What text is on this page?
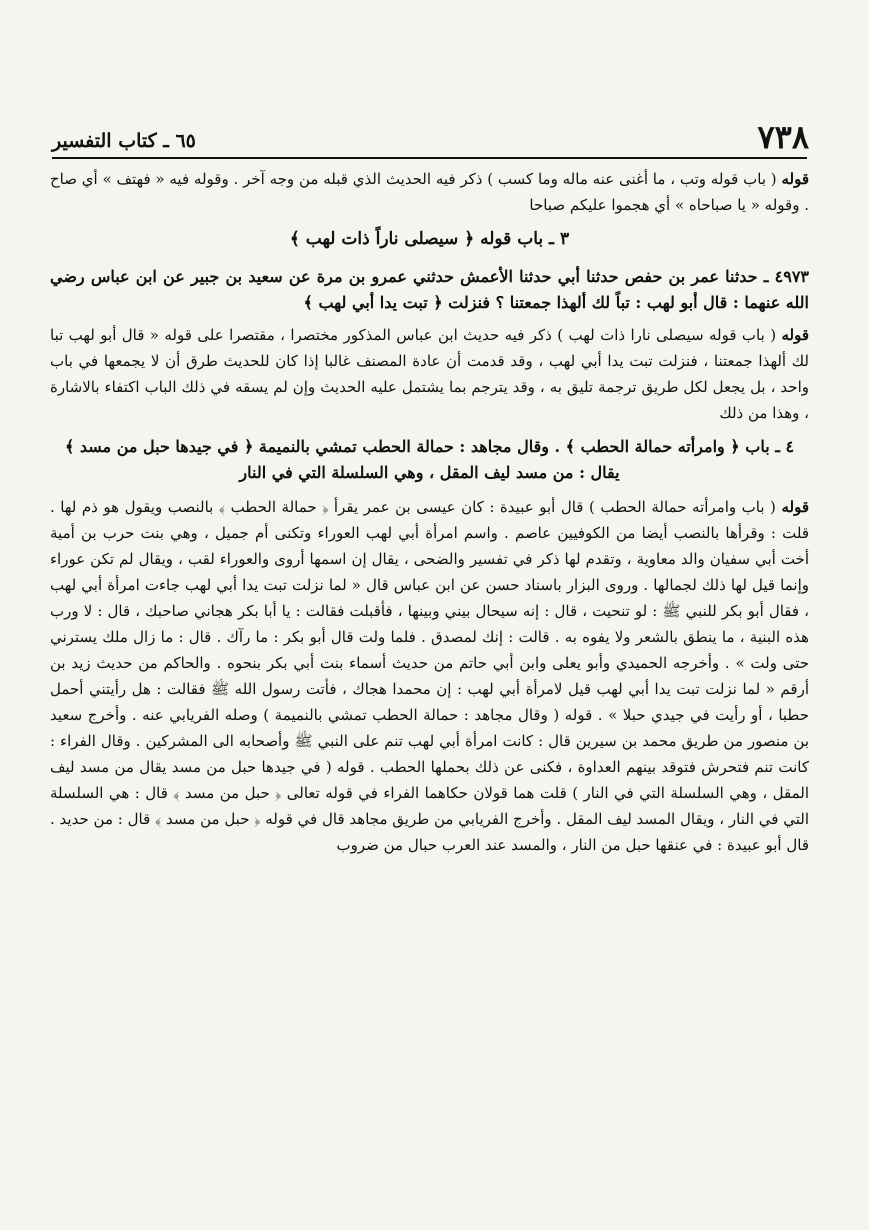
٧٣٨
٦٥ ـ كتاب التفسير

قوله ( باب قوله وتب ، ما أغنى عنه ماله وما كسب ) ذكر فيه الحديث الذي قبله من وجه آخر . وقوله فيه « فهتف » أي صاح . وقوله « يا صباحاه » أي هجموا عليكم صباحا

٣ ـ باب قوله ﴿ سيصلى ناراً ذات لهب ﴾

٤٩٧٣ ـ حدثنا عمر بن حفص حدثنا أبي حدثنا الأعمش حدثني عمرو بن مرة عن سعيد بن جبير عن ابن عباس رضي الله عنهما : قال أبو لهب : تباً لك ألهذا جمعتنا ؟ فنزلت ﴿ تبت يدا أبي لهب ﴾

قوله ( باب قوله سيصلى نارا ذات لهب ) ذكر فيه حديث ابن عباس المذكور مختصرا ، مقتصرا على قوله « قال أبو لهب تبا لك ألهذا جمعتنا ، فنزلت تبت يدا أبي لهب ، وقد قدمت أن عادة المصنف غالبا إذا كان للحديث طرق أن لا يجمعها في باب واحد ، بل يجعل لكل طريق ترجمة تليق به ، وقد يترجم بما يشتمل عليه الحديث وإن لم يسقه في ذلك الباب اكتفاء بالاشارة ، وهذا من ذلك

٤ ـ باب ﴿ وامرأته حمالة الحطب ﴾ . وقال مجاهد : حمالة الحطب تمشي بالنميمة ﴿ في جيدها حبل من مسد ﴾ يقال : من مسد ليف المقل ، وهي السلسلة التي في النار

قوله ( باب وامرأته حمالة الحطب ) قال أبو عبيدة : كان عيسى بن عمر يقرأ ﴿ حمالة الحطب ﴾ بالنصب ويقول هو ذم لها . قلت : وقرأها بالنصب أيضا من الكوفيين عاصم . واسم امرأة أبي لهب العوراء وتكنى أم جميل ، وهي بنت حرب بن أمية أخت أبي سفيان والد معاوية ، وتقدم لها ذكر في تفسير والضحى ، يقال إن اسمها أروى والعوراء لقب ، ويقال لم تكن عوراء وإنما قيل لها ذلك لجمالها . وروى البزار باسناد حسن عن ابن عباس قال « لما نزلت تبت يدا أبي لهب جاءت امرأة أبي لهب ، فقال أبو بكر للنبي ﷺ : لو تنحيت ، قال : إنه سيحال بيني وبينها ، فأقبلت فقالت : يا أبا بكر هجاني صاحبك ، قال : لا ورب هذه البنية ، ما ينطق بالشعر ولا يفوه به . قالت : إنك لمصدق . فلما ولت قال أبو بكر : ما رآك . قال : ما زال ملك يسترني حتى ولت » . وأخرجه الحميدي وأبو يعلى وابن أبي حاتم من حديث أسماء بنت أبي بكر بنحوه . والحاكم من حديث زيد بن أرقم « لما نزلت تبت يدا أبي لهب قيل لامرأة أبي لهب : إن محمدا هجاك ، فأتت رسول الله ﷺ فقالت : هل رأيتني أحمل حطبا ، أو رأيت في جيدي حبلا » . قوله ( وقال مجاهد : حمالة الحطب تمشي بالنميمة ) وصله الفريابي عنه . وأخرج سعيد بن منصور من طريق محمد بن سيرين قال : كانت امرأة أبي لهب تنم على النبي ﷺ وأصحابه الى المشركين . وقال الفراء : كانت تنم فتحرش فتوقد بينهم العداوة ، فكنى عن ذلك بحملها الحطب . قوله ( في جيدها حبل من مسد يقال من مسد ليف المقل ، وهي السلسلة التي في النار ) قلت هما قولان حكاهما الفراء في قوله تعالى ﴿ حبل من مسد ﴾ قال : هي السلسلة التي في النار ، ويقال المسد ليف المقل . وأخرج الفريابي من طريق مجاهد قال في قوله ﴿ حبل من مسد ﴾ قال : من حديد . قال أبو عبيدة : في عنقها حبل من النار ، والمسد عند العرب حبال من ضروب
